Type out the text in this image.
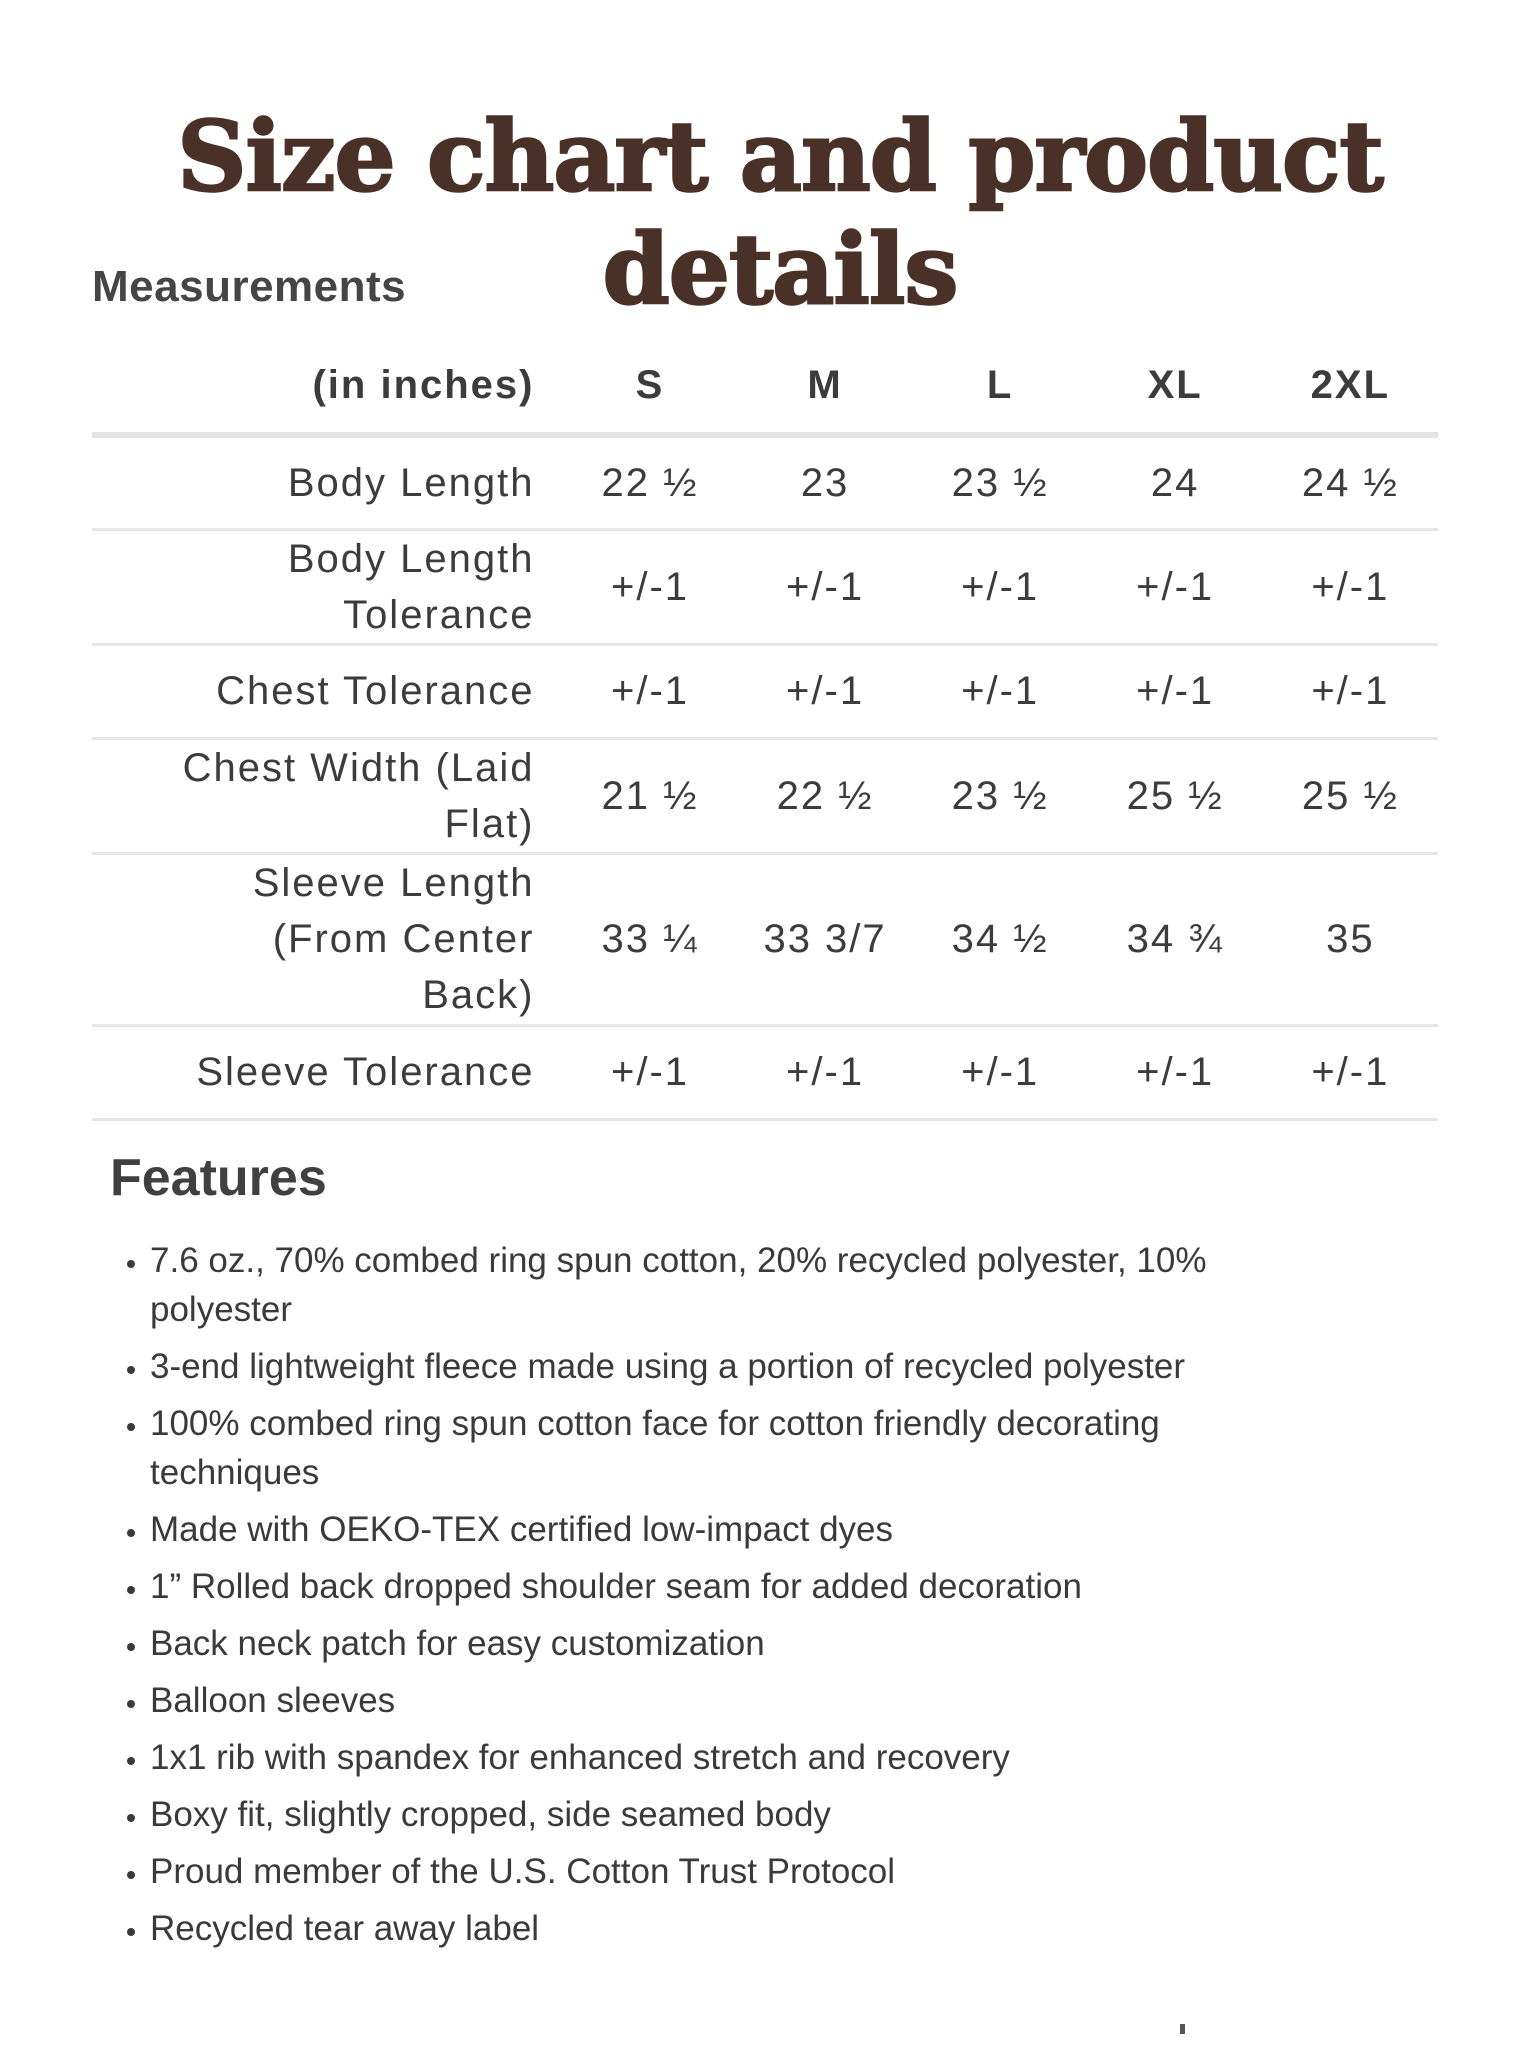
Size chart and product details
Measurements
(in inches)	S	M	L	XL	2XL
Body Length	22 ½	23	23 ½	24	24 ½
Body Length Tolerance	+/-1	+/-1	+/-1	+/-1	+/-1
Chest Tolerance	+/-1	+/-1	+/-1	+/-1	+/-1
Chest Width (Laid Flat)	21 ½	22 ½	23 ½	25 ½	25 ½
Sleeve Length (From Center Back)	33 ¼	33 3/7	34 ½	34 ¾	35
Sleeve Tolerance	+/-1	+/-1	+/-1	+/-1	+/-1
Features
• 7.6 oz., 70% combed ring spun cotton, 20% recycled polyester, 10% polyester
• 3-end lightweight fleece made using a portion of recycled polyester
• 100% combed ring spun cotton face for cotton friendly decorating techniques
• Made with OEKO-TEX certified low-impact dyes
• 1” Rolled back dropped shoulder seam for added decoration
• Back neck patch for easy customization
• Balloon sleeves
• 1x1 rib with spandex for enhanced stretch and recovery
• Boxy fit, slightly cropped, side seamed body
• Proud member of the U.S. Cotton Trust Protocol
• Recycled tear away label
